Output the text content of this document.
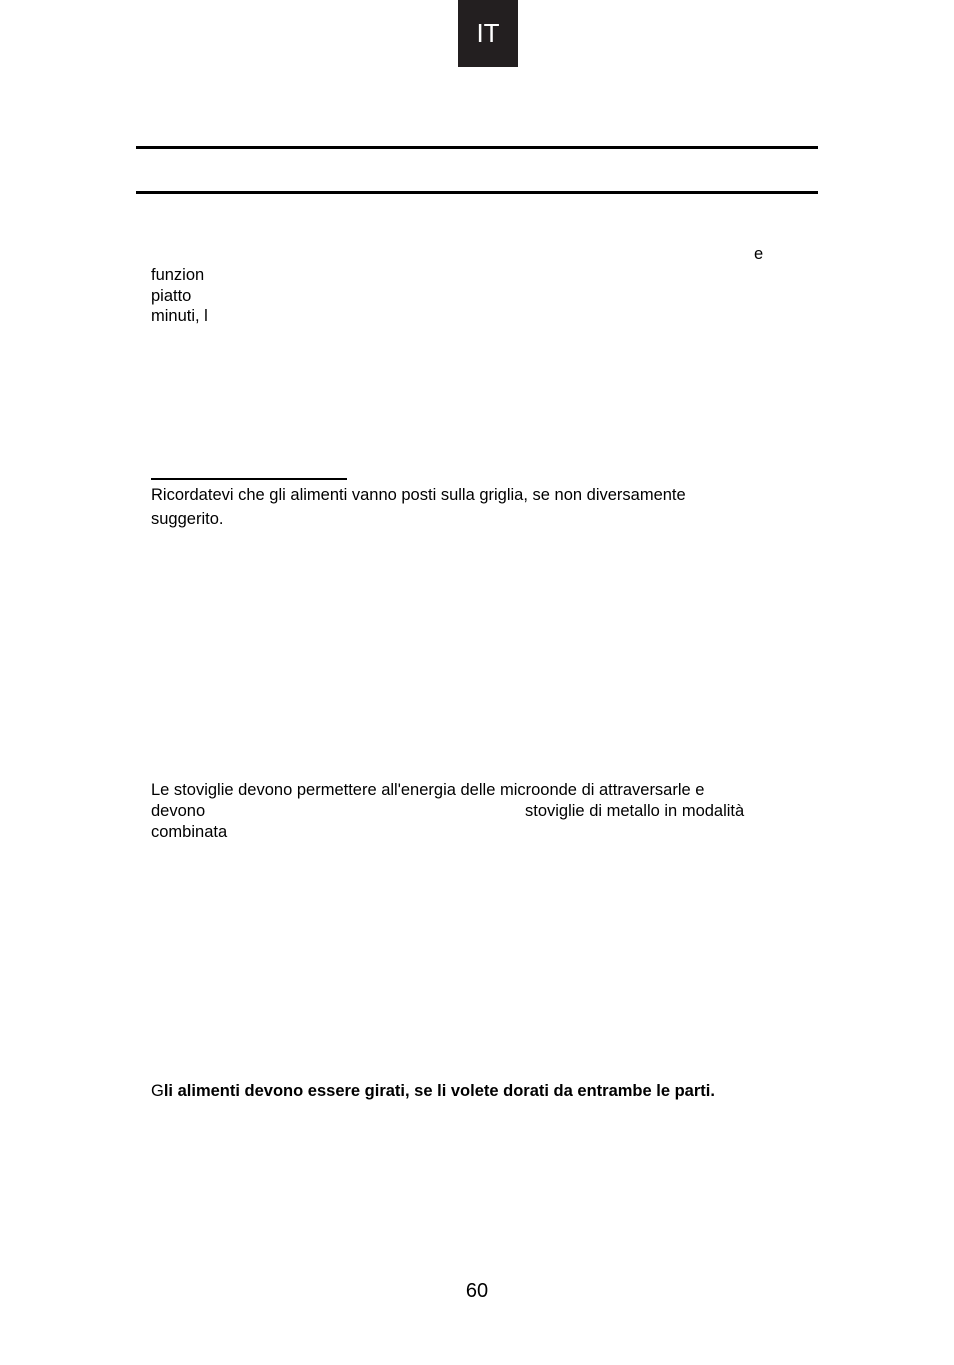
IT
e
funzion
piatto
minuti, l
Ricordatevi che gli alimenti vanno posti sulla griglia, se non diversamente
suggerito.
Le stoviglie devono permettere all'energia delle microonde di attraversarle e
devono	stoviglie di metallo in modalità
combinata
Gli alimenti devono essere girati, se li volete dorati da entrambe le parti.
60
